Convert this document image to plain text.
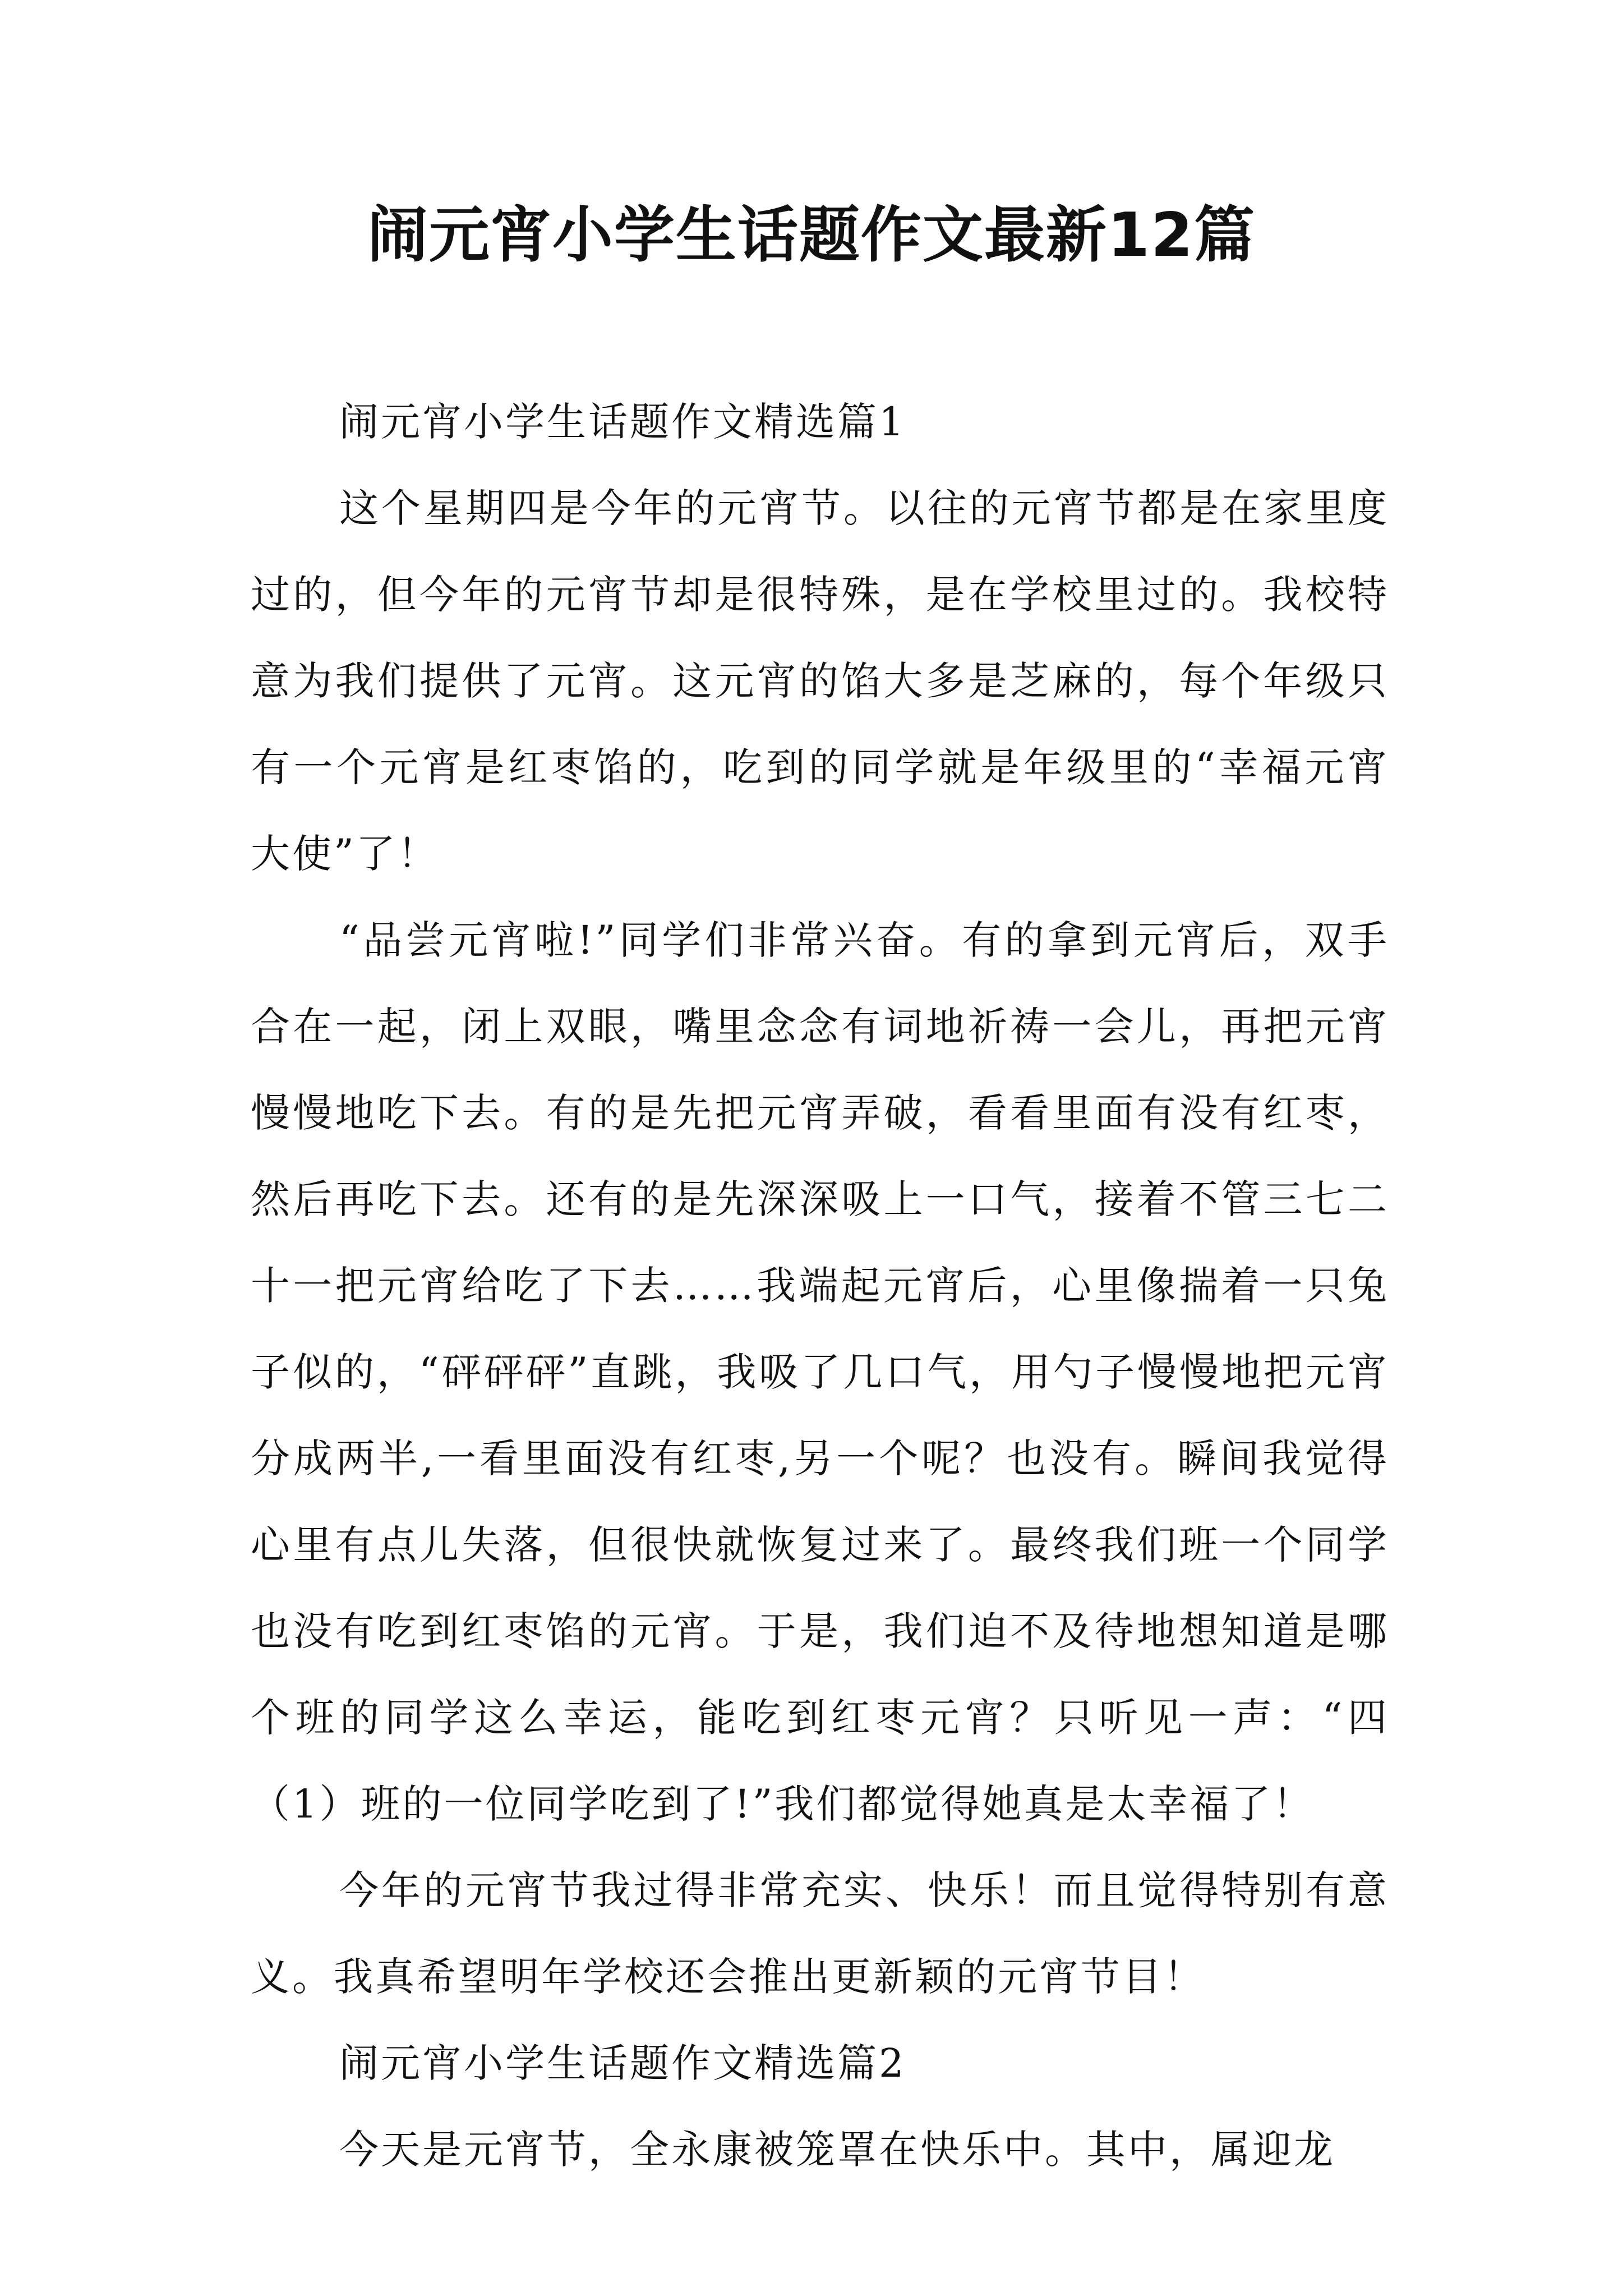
闹元宵小学生话题作文最新12篇

闹元宵小学生话题作文精选篇1

这个星期四是今年的元宵节。以往的元宵节都是在家里度过的，但今年的元宵节却是很特殊，是在学校里过的。我校特意为我们提供了元宵。这元宵的馅大多是芝麻的，每个年级只有一个元宵是红枣馅的，吃到的同学就是年级里的“幸福元宵大使”了！

“品尝元宵啦!”同学们非常兴奋。有的拿到元宵后，双手合在一起，闭上双眼，嘴里念念有词地祈祷一会儿，再把元宵慢慢地吃下去。有的是先把元宵弄破，看看里面有没有红枣，然后再吃下去。还有的是先深深吸上一口气，接着不管三七二十一把元宵给吃了下去……我端起元宵后，心里像揣着一只兔子似的，“砰砰砰”直跳，我吸了几口气，用勺子慢慢地把元宵分成两半,一看里面没有红枣,另一个呢？也没有。瞬间我觉得心里有点儿失落，但很快就恢复过来了。最终我们班一个同学也没有吃到红枣馅的元宵。于是，我们迫不及待地想知道是哪个班的同学这么幸运，能吃到红枣元宵？只听见一声：“四（1）班的一位同学吃到了!”我们都觉得她真是太幸福了！

今年的元宵节我过得非常充实、快乐！而且觉得特别有意义。我真希望明年学校还会推出更新颖的元宵节目！

闹元宵小学生话题作文精选篇2

今天是元宵节，全永康被笼罩在快乐中。其中，属迎龙
